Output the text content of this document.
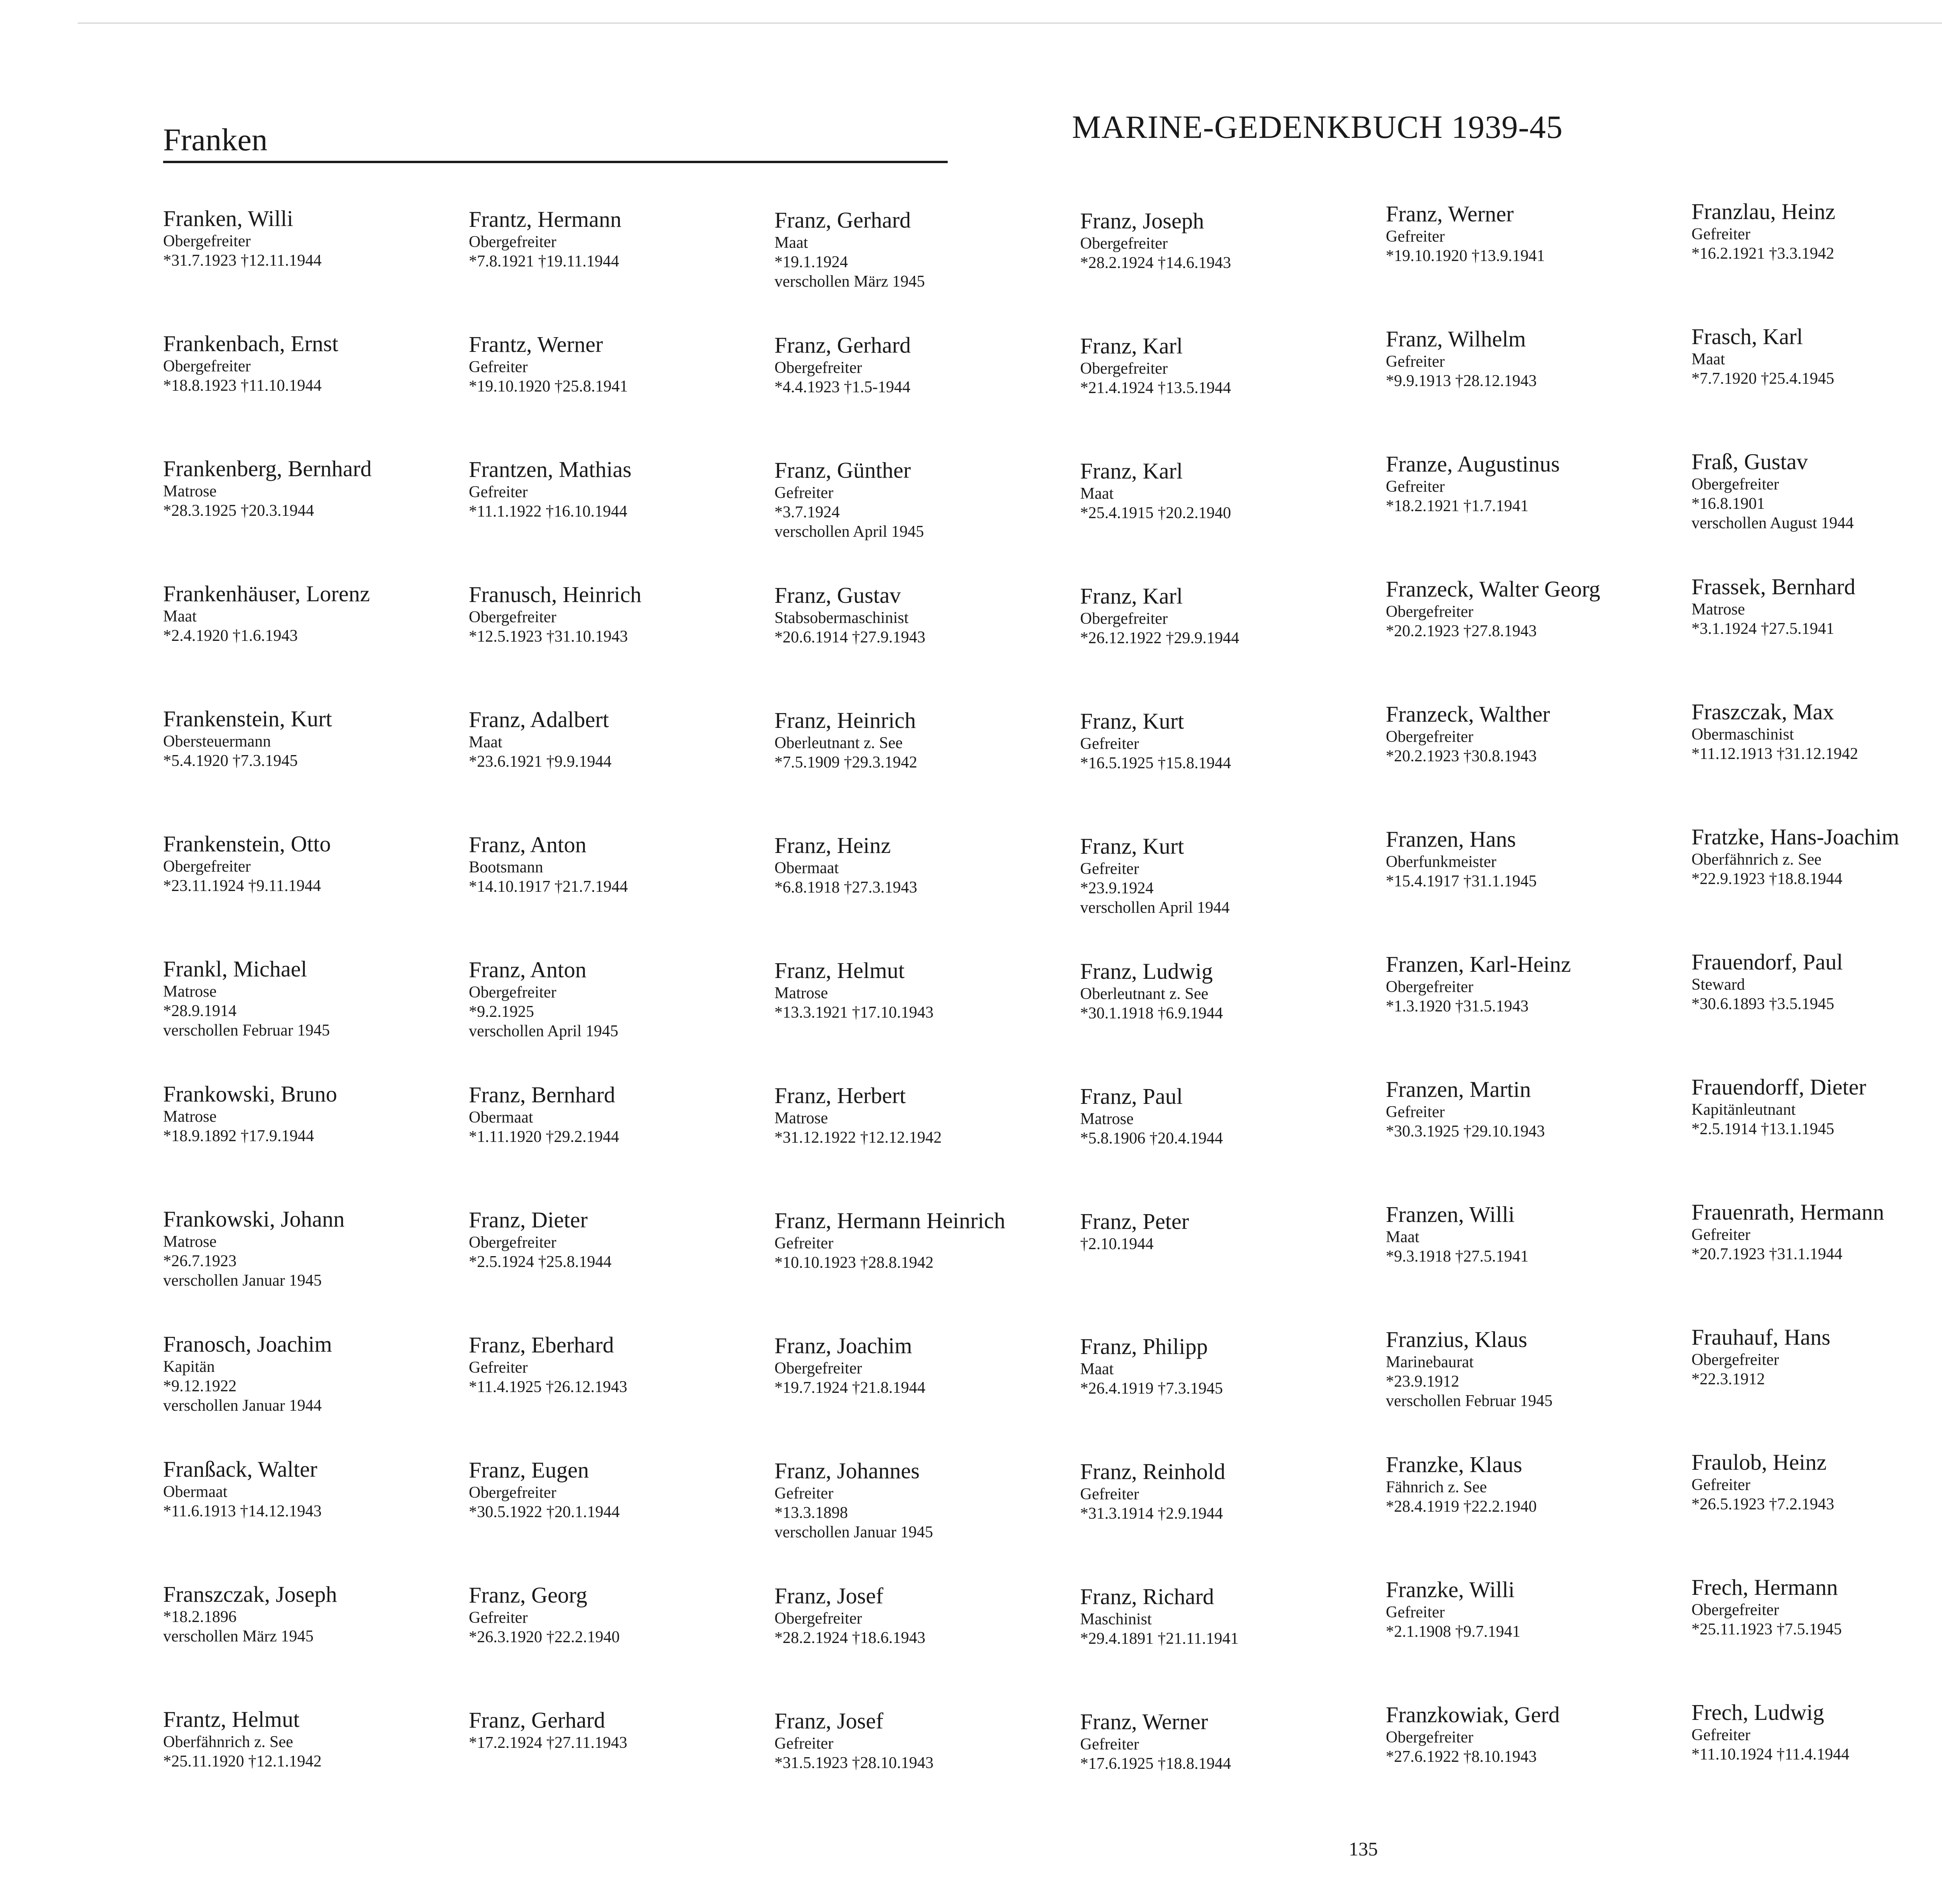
Franken	MARINE-GEDENKBUCH 1939-45
Franken, Willi
Obergefreiter
*31.7.1923 †12.11.1944
Frankenbach, Ernst
Obergefreiter
*18.8.1923 †11.10.1944
Frankenberg, Bernhard
Matrose
*28.3.1925 †20.3.1944
Frankenhäuser, Lorenz
Maat
*2.4.1920 †1.6.1943
Frankenstein, Kurt
Obersteuermann
*5.4.1920 †7.3.1945
Frankenstein, Otto
Obergefreiter
*23.11.1924 †9.11.1944
Frankl, Michael
Matrose
*28.9.1914
verschollen Februar 1945
Frankowski, Bruno
Matrose
*18.9.1892 †17.9.1944
Frankowski, Johann
Matrose
*26.7.1923
verschollen Januar 1945
Franosch, Joachim
Kapitän
*9.12.1922
verschollen Januar 1944
Franßack, Walter
Obermaat
*11.6.1913 †14.12.1943
Franszczak, Joseph
*18.2.1896
verschollen März 1945
Frantz, Helmut
Oberfähnrich z. See
*25.11.1920 †12.1.1942
Frantz, Hermann
Obergefreiter
*7.8.1921 †19.11.1944
Frantz, Werner
Gefreiter
*19.10.1920 †25.8.1941
Frantzen, Mathias
Gefreiter
*11.1.1922 †16.10.1944
Franusch, Heinrich
Obergefreiter
*12.5.1923 †31.10.1943
Franz, Adalbert
Maat
*23.6.1921 †9.9.1944
Franz, Anton
Bootsmann
*14.10.1917 †21.7.1944
Franz, Anton
Obergefreiter
*9.2.1925
verschollen April 1945
Franz, Bernhard
Obermaat
*1.11.1920 †29.2.1944
Franz, Dieter
Obergefreiter
*2.5.1924 †25.8.1944
Franz, Eberhard
Gefreiter
*11.4.1925 †26.12.1943
Franz, Eugen
Obergefreiter
*30.5.1922 †20.1.1944
Franz, Georg
Gefreiter
*26.3.1920 †22.2.1940
Franz, Gerhard
*17.2.1924 †27.11.1943
Franz, Gerhard
Maat
*19.1.1924
verschollen März 1945
Franz, Gerhard
Obergefreiter
*4.4.1923 †1.5-1944
Franz, Günther
Gefreiter
*3.7.1924
verschollen April 1945
Franz, Gustav
Stabsobermaschinist
*20.6.1914 †27.9.1943
Franz, Heinrich
Oberleutnant z. See
*7.5.1909 †29.3.1942
Franz, Heinz
Obermaat
*6.8.1918 †27.3.1943
Franz, Helmut
Matrose
*13.3.1921 †17.10.1943
Franz, Herbert
Matrose
*31.12.1922 †12.12.1942
Franz, Hermann Heinrich
Gefreiter
*10.10.1923 †28.8.1942
Franz, Joachim
Obergefreiter
*19.7.1924 †21.8.1944
Franz, Johannes
Gefreiter
*13.3.1898
verschollen Januar 1945
Franz, Josef
Obergefreiter
*28.2.1924 †18.6.1943
Franz, Josef
Gefreiter
*31.5.1923 †28.10.1943
Franz, Joseph
Obergefreiter
*28.2.1924 †14.6.1943
Franz, Karl
Obergefreiter
*21.4.1924 †13.5.1944
Franz, Karl
Maat
*25.4.1915 †20.2.1940
Franz, Karl
Obergefreiter
*26.12.1922 †29.9.1944
Franz, Kurt
Gefreiter
*16.5.1925 †15.8.1944
Franz, Kurt
Gefreiter
*23.9.1924
verschollen April 1944
Franz, Ludwig
Oberleutnant z. See
*30.1.1918 †6.9.1944
Franz, Paul
Matrose
*5.8.1906 †20.4.1944
Franz, Peter
†2.10.1944
Franz, Philipp
Maat
*26.4.1919 †7.3.1945
Franz, Reinhold
Gefreiter
*31.3.1914 †2.9.1944
Franz, Richard
Maschinist
*29.4.1891 †21.11.1941
Franz, Werner
Gefreiter
*17.6.1925 †18.8.1944
Franz, Werner
Gefreiter
*19.10.1920 †13.9.1941
Franz, Wilhelm
Gefreiter
*9.9.1913 †28.12.1943
Franze, Augustinus
Gefreiter
*18.2.1921 †1.7.1941
Franzeck, Walter Georg
Obergefreiter
*20.2.1923 †27.8.1943
Franzeck, Walther
Obergefreiter
*20.2.1923 †30.8.1943
Franzen, Hans
Oberfunkmeister
*15.4.1917 †31.1.1945
Franzen, Karl-Heinz
Obergefreiter
*1.3.1920 †31.5.1943
Franzen, Martin
Gefreiter
*30.3.1925 †29.10.1943
Franzen, Willi
Maat
*9.3.1918 †27.5.1941
Franzius, Klaus
Marinebaurat
*23.9.1912
verschollen Februar 1945
Franzke, Klaus
Fähnrich z. See
*28.4.1919 †22.2.1940
Franzke, Willi
Gefreiter
*2.1.1908 †9.7.1941
Franzkowiak, Gerd
Obergefreiter
*27.6.1922 †8.10.1943
Franzlau, Heinz
Gefreiter
*16.2.1921 †3.3.1942
Frasch, Karl
Maat
*7.7.1920 †25.4.1945
Fraß, Gustav
Obergefreiter
*16.8.1901
verschollen August 1944
Frassek, Bernhard
Matrose
*3.1.1924 †27.5.1941
Fraszczak, Max
Obermaschinist
*11.12.1913 †31.12.1942
Fratzke, Hans-Joachim
Oberfähnrich z. See
*22.9.1923 †18.8.1944
Frauendorf, Paul
Steward
*30.6.1893 †3.5.1945
Frauendorff, Dieter
Kapitänleutnant
*2.5.1914 †13.1.1945
Frauenrath, Hermann
Gefreiter
*20.7.1923 †31.1.1944
Frauhauf, Hans
Obergefreiter
*22.3.1912
Fraulob, Heinz
Gefreiter
*26.5.1923 †7.2.1943
Frech, Hermann
Obergefreiter
*25.11.1923 †7.5.1945
Frech, Ludwig
Gefreiter
*11.10.1924 †11.4.1944
135
